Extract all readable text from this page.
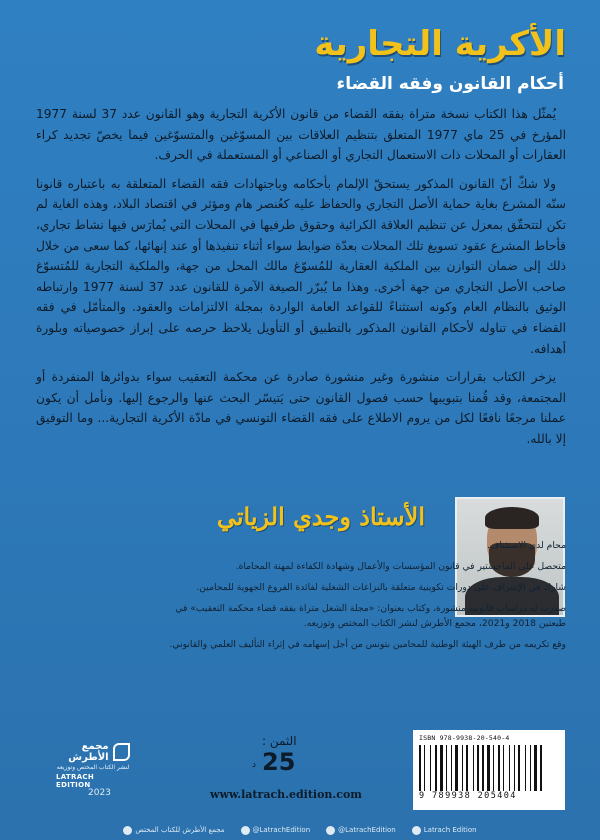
الأكرية التجارية
أحكام القانون وفقه القضاء

يُمثّل هذا الكتاب نسخة متراة بفقه القضاء من قانون الأكرية التجارية وهو القانون عدد 37 لسنة 1977 المؤرخ في 25 ماي 1977 المتعلق بتنظيم العلاقات بين المسوّغين والمتسوّغين فيما يخصّ تجديد كراء العقارات أو المحلات ذات الاستعمال التجاري أو الصناعي أو المستعملة في الحرف.

ولا شكّ أنّ القانون المذكور يستحقّ الإلمام بأحكامه وباجتهادات فقه القضاء المتعلقة به باعتباره قانونا سنّه المشرع بغاية حماية الأصل التجاري والحفاظ عليه كعُنصر هام ومؤثر في اقتصاد البلاد، وهذه الغاية لم تكن لتتحقّق بمعزل عن تنظيم العلاقة الكرائية وحقوق طرفيها في المحلات التي يُمارَس فيها نشاط تجاري، فأحاط المشرع عقود تسويغ تلك المحلات بعدّة ضوابط سواء أثناء تنفيذها أو عند إنهائها، كما سعى من خلال ذلك إلى ضمان التوازن بين الملكية العقارية للمُسوّغ مالك المحل من جهة، والملكية التجارية للمُتسوّغ صاحب الأصل التجاري من جهة أخرى. وهذا ما يُبرّر الصيغة الآمرة للقانون عدد 37 لسنة 1977 وارتباطه الوثيق بالنظام العام وكونه استثناءً للقواعد العامة الواردة بمجلة الالتزامات والعقود. والمتأمّل في فقه القضاء في تناوله لأحكام القانون المذكور بالتطبيق أو التأويل يلاحظ حرصه على إبراز خصوصياته وبلورة أهدافه.

يزخر الكتاب بقرارات منشورة وغير منشورة صادرة عن محكمة التعقيب سواء بدوائرها المنفردة أو المجتمعة، وقد قُمنا بتبويبها حسب فصول القانون حتى يَتيسّر البحث عنها والرجوع إليها. ونأمل أن يكون عملنا مرجعًا نافعًا لكل من يروم الاطلاع على فقه القضاء التونسي في مادّة الأكرية التجارية... وما التوفيق إلا بالله.

الأستاذ وجدي الزياتي

محام لدى الاستئناف.

متحصل على الماجستير في قانون المؤسسات والأعمال وشهادة الكفاءة لمهنة المحاماة.

شارك في الإشراف على دورات تكوينية متعلقة بالنزاعات الشغلية لفائدة الفروع الجهوية للمحامين.

صدرت له دراسات قانونية منشورة، وكتاب بعنوان: «مجلة الشغل متراة بفقه قضاء محكمة التعقيب» في طبعتين 2018 و2021، مجمع الأطرش لنشر الكتاب المختص وتوزيعه.

وقع تكريمه من طرف الهيئة الوطنية للمحامين بتونس من أجل إسهامه في إثراء التأليف العلمي والقانوني.

مجمع الأطرش
لنشر الكتاب المختص وتوزيعه
LATRACH EDITION
2023
الثمن :
25
د
www.latrach.edition.com
ISBN 978-9938-20-540-4
9 789938 205404
مجمع الأطرش للكتاب المختص	@LatrachEdition	@LatrachEdition	Latrach Edition
